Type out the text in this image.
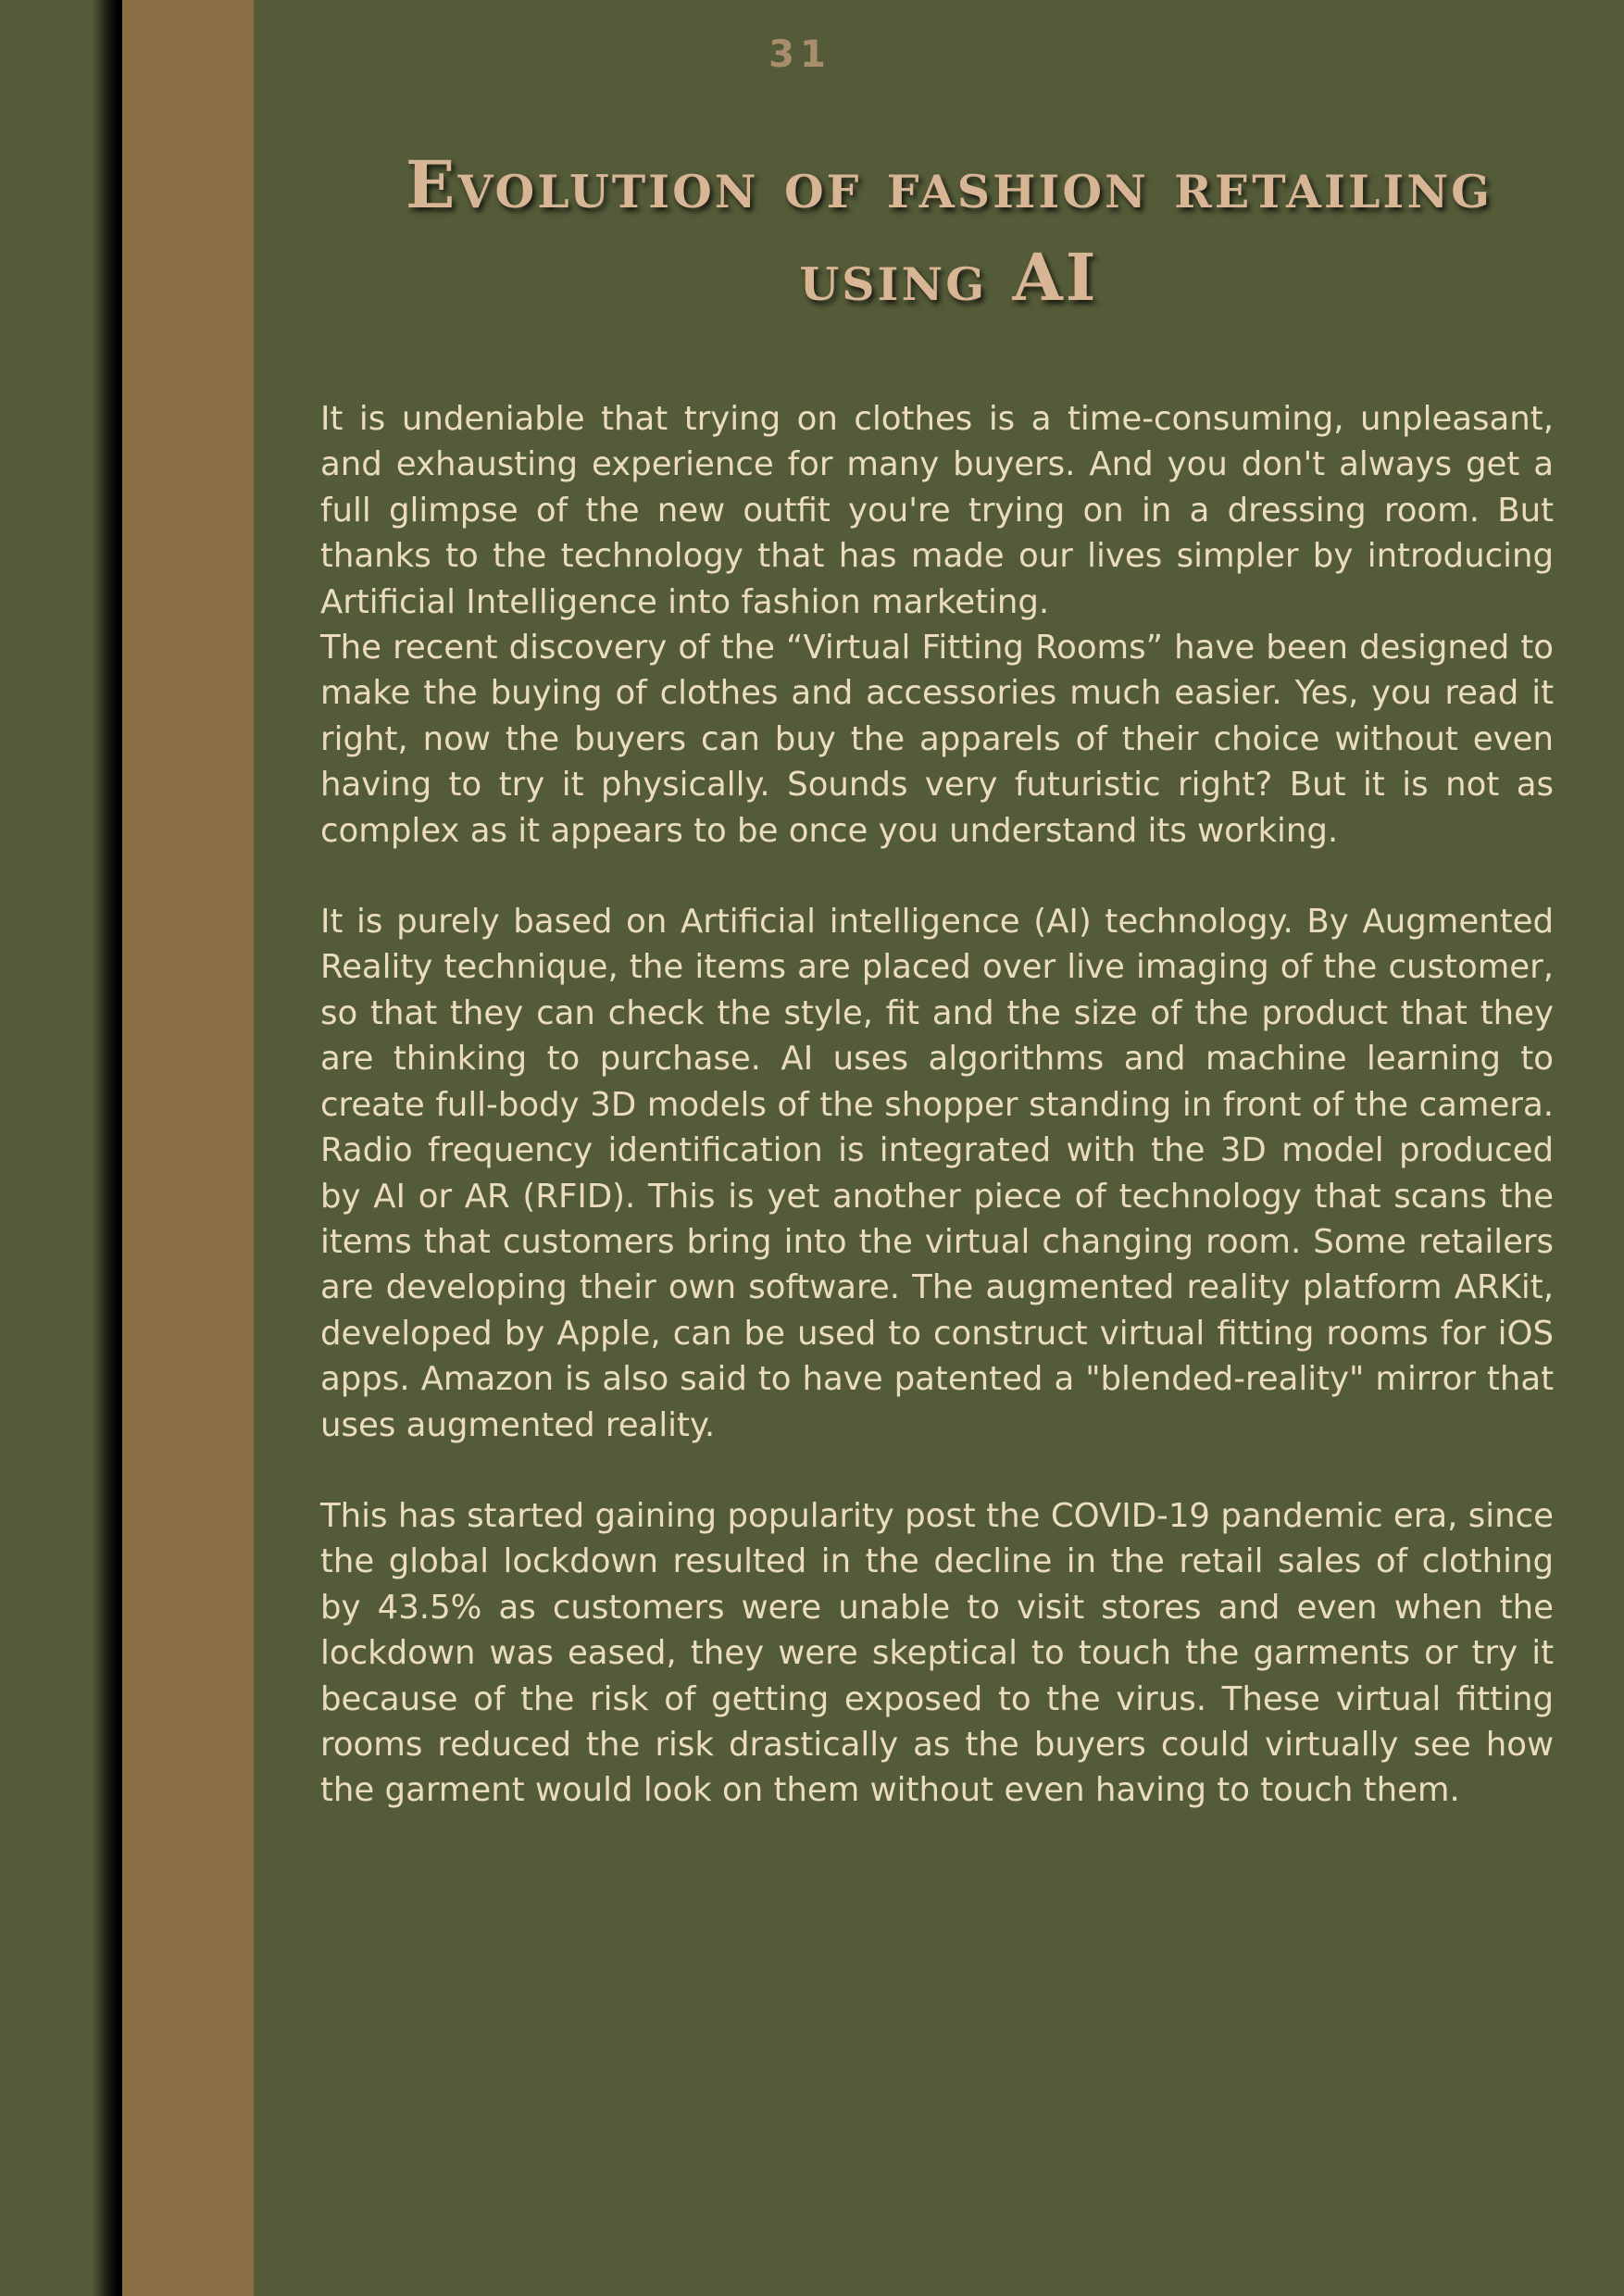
31
Evolution of fashion retailing using AI

It is undeniable that trying on clothes is a time-consuming, unpleasant, and exhausting experience for many buyers. And you don't always get a full glimpse of the new outfit you're trying on in a dressing room. But thanks to the technology that has made our lives simpler by introducing Artificial Intelligence into fashion marketing.

The recent discovery of the “Virtual Fitting Rooms” have been designed to make the buying of clothes and accessories much easier. Yes, you read it right, now the buyers can buy the apparels of their choice without even having to try it physically. Sounds very futuristic right? But it is not as complex as it appears to be once you understand its working.

It is purely based on Artificial intelligence (AI) technology. By Augmented Reality technique, the items are placed over live imaging of the customer, so that they can check the style, fit and the size of the product that they are thinking to purchase. AI uses algorithms and machine learning to create full-body 3D models of the shopper standing in front of the camera. Radio frequency identification is integrated with the 3D model produced by AI or AR (RFID). This is yet another piece of technology that scans the items that customers bring into the virtual changing room. Some retailers are developing their own software. The augmented reality platform ARKit, developed by Apple, can be used to construct virtual fitting rooms for iOS apps. Amazon is also said to have patented a "blended-reality" mirror that uses augmented reality.

This has started gaining popularity post the COVID-19 pandemic era, since the global lockdown resulted in the decline in the retail sales of clothing by 43.5% as customers were unable to visit stores and even when the lockdown was eased, they were skeptical to touch the garments or try it because of the risk of getting exposed to the virus. These virtual fitting rooms reduced the risk drastically as the buyers could virtually see how the garment would look on them without even having to touch them.
